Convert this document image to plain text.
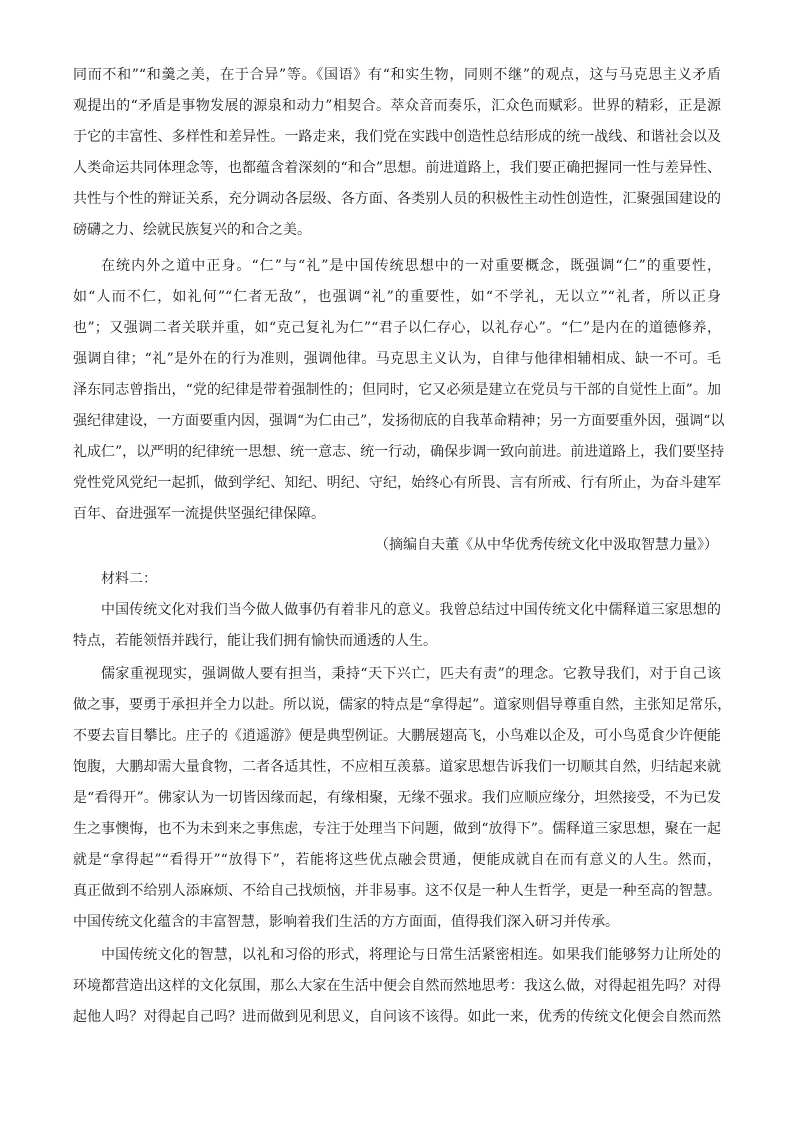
同而不和”“和羹之美，在于合异”等。《国语》有“和实生物，同则不继”的观点，这与马克思主义矛盾
观提出的“矛盾是事物发展的源泉和动力”相契合。萃众音而奏乐，汇众色而赋彩。世界的精彩，正是源
于它的丰富性、多样性和差异性。一路走来，我们党在实践中创造性总结形成的统一战线、和谐社会以及
人类命运共同体理念等，也都蕴含着深刻的“和合”思想。前进道路上，我们要正确把握同一性与差异性、
共性与个性的辩证关系，充分调动各层级、各方面、各类别人员的积极性主动性创造性，汇聚强国建设的
磅礴之力、绘就民族复兴的和合之美。
在统内外之道中正身。“仁”与“礼”是中国传统思想中的一对重要概念，既强调“仁”的重要性，
如“人而不仁，如礼何”“仁者无敌”，也强调“礼”的重要性，如“不学礼，无以立”“礼者，所以正身
也”；又强调二者关联并重，如“克己复礼为仁”“君子以仁存心，以礼存心”。“仁”是内在的道德修养，
强调自律；“礼”是外在的行为准则，强调他律。马克思主义认为，自律与他律相辅相成、缺一不可。毛
泽东同志曾指出，“党的纪律是带着强制性的；但同时，它又必须是建立在党员与干部的自觉性上面”。加
强纪律建设，一方面要重内因，强调“为仁由己”，发扬彻底的自我革命精神；另一方面要重外因，强调“以
礼成仁”，以严明的纪律统一思想、统一意志、统一行动，确保步调一致向前进。前进道路上，我们要坚持
党性党风党纪一起抓，做到学纪、知纪、明纪、守纪，始终心有所畏、言有所戒、行有所止，为奋斗建军
百年、奋进强军一流提供坚强纪律保障。
（摘编自夫董《从中华优秀传统文化中汲取智慧力量》）
材料二：
中国传统文化对我们当今做人做事仍有着非凡的意义。我曾总结过中国传统文化中儒释道三家思想的
特点，若能领悟并践行，能让我们拥有愉快而通透的人生。
儒家重视现实，强调做人要有担当，秉持“天下兴亡，匹夫有责”的理念。它教导我们，对于自己该
做之事，要勇于承担并全力以赴。所以说，儒家的特点是“拿得起”。道家则倡导尊重自然，主张知足常乐，
不要去盲目攀比。庄子的《逍遥游》便是典型例证。大鹏展翅高飞，小鸟难以企及，可小鸟觅食少许便能
饱腹，大鹏却需大量食物，二者各适其性，不应相互羡慕。道家思想告诉我们一切顺其自然，归结起来就
是“看得开”。佛家认为一切皆因缘而起，有缘相聚，无缘不强求。我们应顺应缘分，坦然接受，不为已发
生之事懊悔，也不为未到来之事焦虑，专注于处理当下问题，做到“放得下”。儒释道三家思想，聚在一起
就是“拿得起”“看得开”“放得下”，若能将这些优点融会贯通，便能成就自在而有意义的人生。然而，
真正做到不给别人添麻烦、不给自己找烦恼，并非易事。这不仅是一种人生哲学，更是一种至高的智慧。
中国传统文化蕴含的丰富智慧，影响着我们生活的方方面面，值得我们深入研习并传承。
中国传统文化的智慧，以礼和习俗的形式，将理论与日常生活紧密相连。如果我们能够努力让所处的
环境都营造出这样的文化氛围，那么大家在生活中便会自然而然地思考：我这么做，对得起祖先吗？对得
起他人吗？对得起自己吗？进而做到见利思义，自问该不该得。如此一来，优秀的传统文化便会自然而然
